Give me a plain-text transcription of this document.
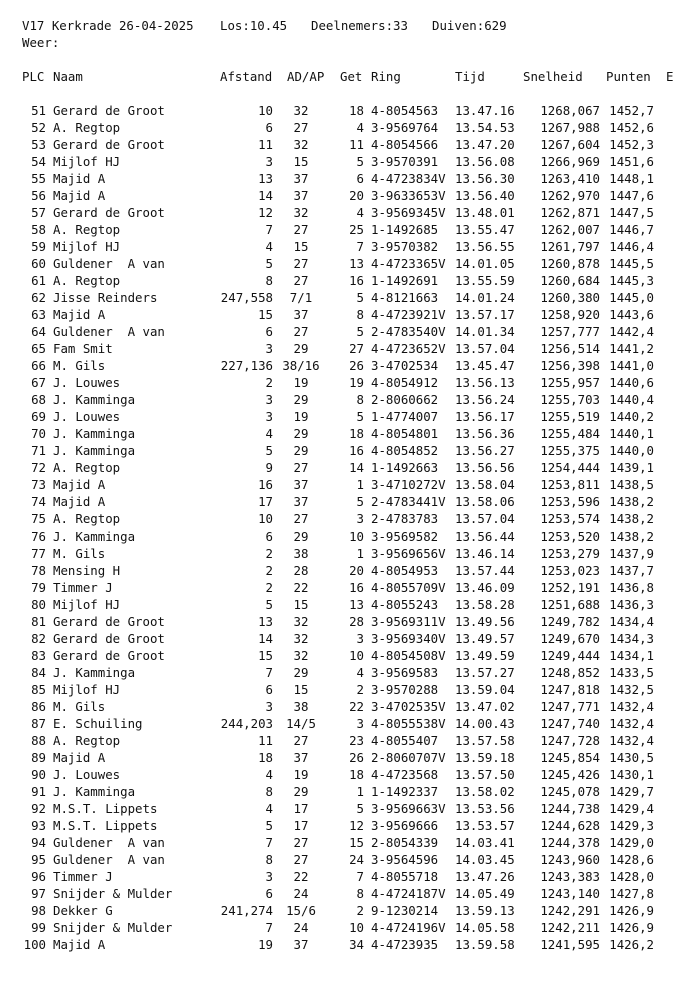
V17 Kerkrade 26-04-2025 Los:10.45 Deelnemers:33 Duiven:629
Weer:
PLC Naam	Afstand AD/AP Get Ring	Tijd	Snelheid Punten E
51 Gerard de Groot	10	32	18 4-8054563	13.47.16	1268,067 1452,7
52 A. Regtop	6	27	4 3-9569764	13.54.53	1267,988 1452,6
53 Gerard de Groot	11	32	11 4-8054566	13.47.20	1267,604 1452,3
54 Mijlof HJ	3	15	5 3-9570391	13.56.08	1266,969 1451,6
55 Majid A	13	37	6 4-4723834V 13.56.30	1263,410 1448,1
56 Majid A	14	37	20 3-9633653V 13.56.40	1262,970 1447,6
57 Gerard de Groot	12	32	4 3-9569345V 13.48.01	1262,871 1447,5
58 A. Regtop	7	27	25 1-1492685	13.55.47	1262,007 1446,7
59 Mijlof HJ	4	15	7 3-9570382	13.56.55	1261,797 1446,4
60 Guldener  A van	5	27	13 4-4723365V 14.01.05	1260,878 1445,5
61 A. Regtop	8	27	16 1-1492691	13.55.59	1260,684 1445,3
62 Jisse Reinders	247,558	7/1	5 4-8121663	14.01.24	1260,380 1445,0
63 Majid A	15	37	8 4-4723921V 13.57.17	1258,920 1443,6
64 Guldener  A van	6	27	5 2-4783540V 14.01.34	1257,777 1442,4
65 Fam Smit	3	29	27 4-4723652V 13.57.04	1256,514 1441,2
66 M. Gils	227,136 38/16	26 3-4702534	13.45.47	1256,398 1441,0
67 J. Louwes	2	19	19 4-8054912	13.56.13	1255,957 1440,6
68 J. Kamminga	3	29	8 2-8060662	13.56.24	1255,703 1440,4
69 J. Louwes	3	19	5 1-4774007	13.56.17	1255,519 1440,2
70 J. Kamminga	4	29	18 4-8054801	13.56.36	1255,484 1440,1
71 J. Kamminga	5	29	16 4-8054852	13.56.27	1255,375 1440,0
72 A. Regtop	9	27	14 1-1492663	13.56.56	1254,444 1439,1
73 Majid A	16	37	1 3-4710272V 13.58.04	1253,811 1438,5
74 Majid A	17	37	5 2-4783441V 13.58.06	1253,596 1438,2
75 A. Regtop	10	27	3 2-4783783	13.57.04	1253,574 1438,2
76 J. Kamminga	6	29	10 3-9569582	13.56.44	1253,520 1438,2
77 M. Gils	2	38	1 3-9569656V 13.46.14	1253,279 1437,9
78 Mensing H	2	28	20 4-8054953	13.57.44	1253,023 1437,7
79 Timmer J	2	22	16 4-8055709V 13.46.09	1252,191 1436,8
80 Mijlof HJ	5	15	13 4-8055243	13.58.28	1251,688 1436,3
81 Gerard de Groot	13	32	28 3-9569311V 13.49.56	1249,782 1434,4
82 Gerard de Groot	14	32	3 3-9569340V 13.49.57	1249,670 1434,3
83 Gerard de Groot	15	32	10 4-8054508V 13.49.59	1249,444 1434,1
84 J. Kamminga	7	29	4 3-9569583	13.57.27	1248,852 1433,5
85 Mijlof HJ	6	15	2 3-9570288	13.59.04	1247,818 1432,5
86 M. Gils	3	38	22 3-4702535V 13.47.02	1247,771 1432,4
87 E. Schuiling	244,203	14/5	3 4-8055538V 14.00.43	1247,740 1432,4
88 A. Regtop	11	27	23 4-8055407	13.57.58	1247,728 1432,4
89 Majid A	18	37	26 2-8060707V 13.59.18	1245,854 1430,5
90 J. Louwes	4	19	18 4-4723568	13.57.50	1245,426 1430,1
91 J. Kamminga	8	29	1 1-1492337	13.58.02	1245,078 1429,7
92 M.S.T. Lippets	4	17	5 3-9569663V 13.53.56	1244,738 1429,4
93 M.S.T. Lippets	5	17	12 3-9569666	13.53.57	1244,628 1429,3
94 Guldener  A van	7	27	15 2-8054339	14.03.41	1244,378 1429,0
95 Guldener  A van	8	27	24 3-9564596	14.03.45	1243,960 1428,6
96 Timmer J	3	22	7 4-8055718	13.47.26	1243,383 1428,0
97 Snijder & Mulder	6	24	8 4-4724187V 14.05.49	1243,140 1427,8
98 Dekker G	241,274	15/6	2 9-1230214	13.59.13	1242,291 1426,9
99 Snijder & Mulder	7	24	10 4-4724196V 14.05.58	1242,211 1426,9
100 Majid A	19	37	34 4-4723935	13.59.58	1241,595 1426,2
